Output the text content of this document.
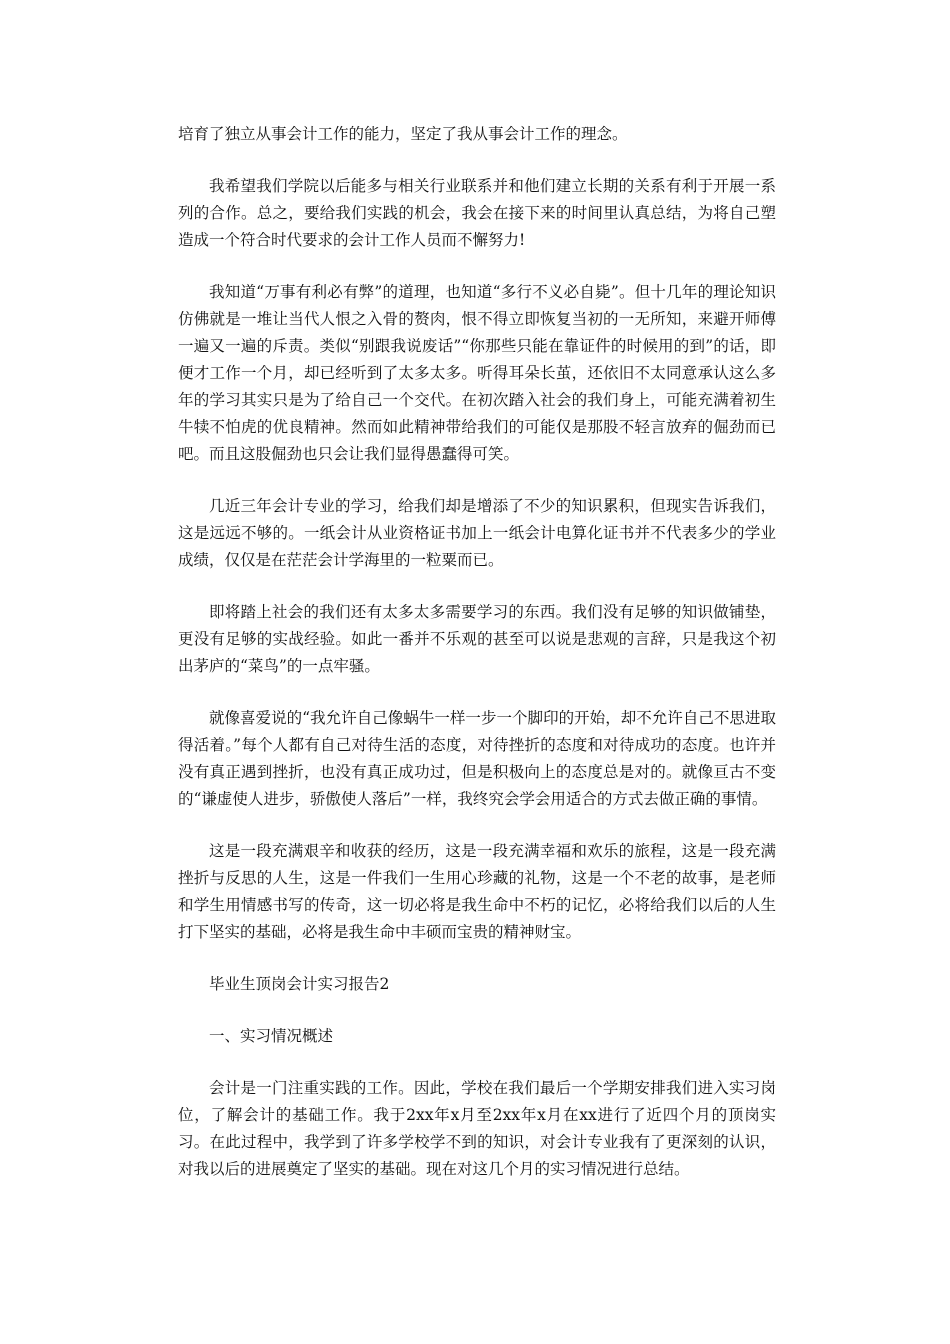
培育了独立从事会计工作的能力，坚定了我从事会计工作的理念。

我希望我们学院以后能多与相关行业联系并和他们建立长期的关系有利于开展一系列的合作。总之，要给我们实践的机会，我会在接下来的时间里认真总结，为将自己塑造成一个符合时代要求的会计工作人员而不懈努力!

我知道“万事有利必有弊”的道理，也知道“多行不义必自毙”。但十几年的理论知识仿佛就是一堆让当代人恨之入骨的赘肉，恨不得立即恢复当初的一无所知，来避开师傅一遍又一遍的斥责。类似“别跟我说废话”“你那些只能在靠证件的时候用的到”的话，即便才工作一个月，却已经听到了太多太多。听得耳朵长茧，还依旧不太同意承认这么多年的学习其实只是为了给自己一个交代。在初次踏入社会的我们身上，可能充满着初生牛犊不怕虎的优良精神。然而如此精神带给我们的可能仅是那股不轻言放弃的倔劲而已吧。而且这股倔劲也只会让我们显得愚蠢得可笑。

几近三年会计专业的学习，给我们却是增添了不少的知识累积，但现实告诉我们，这是远远不够的。一纸会计从业资格证书加上一纸会计电算化证书并不代表多少的学业成绩，仅仅是在茫茫会计学海里的一粒粟而已。

即将踏上社会的我们还有太多太多需要学习的东西。我们没有足够的知识做铺垫，更没有足够的实战经验。如此一番并不乐观的甚至可以说是悲观的言辞，只是我这个初出茅庐的“菜鸟”的一点牢骚。

就像喜爱说的“我允许自己像蜗牛一样一步一个脚印的开始，却不允许自己不思进取得活着。”每个人都有自己对待生活的态度，对待挫折的态度和对待成功的态度。也许并没有真正遇到挫折，也没有真正成功过，但是积极向上的态度总是对的。就像亘古不变的“谦虚使人进步，骄傲使人落后”一样，我终究会学会用适合的方式去做正确的事情。

这是一段充满艰辛和收获的经历，这是一段充满幸福和欢乐的旅程，这是一段充满挫折与反思的人生，这是一件我们一生用心珍藏的礼物，这是一个不老的故事，是老师和学生用情感书写的传奇，这一切必将是我生命中不朽的记忆，必将给我们以后的人生打下坚实的基础，必将是我生命中丰硕而宝贵的精神财宝。

毕业生顶岗会计实习报告2

一、实习情况概述

会计是一门注重实践的工作。因此，学校在我们最后一个学期安排我们进入实习岗位，了解会计的基础工作。我于2xx年x月至2xx年x月在xx进行了近四个月的顶岗实习。在此过程中，我学到了许多学校学不到的知识，对会计专业我有了更深刻的认识，对我以后的进展奠定了坚实的基础。现在对这几个月的实习情况进行总结。
